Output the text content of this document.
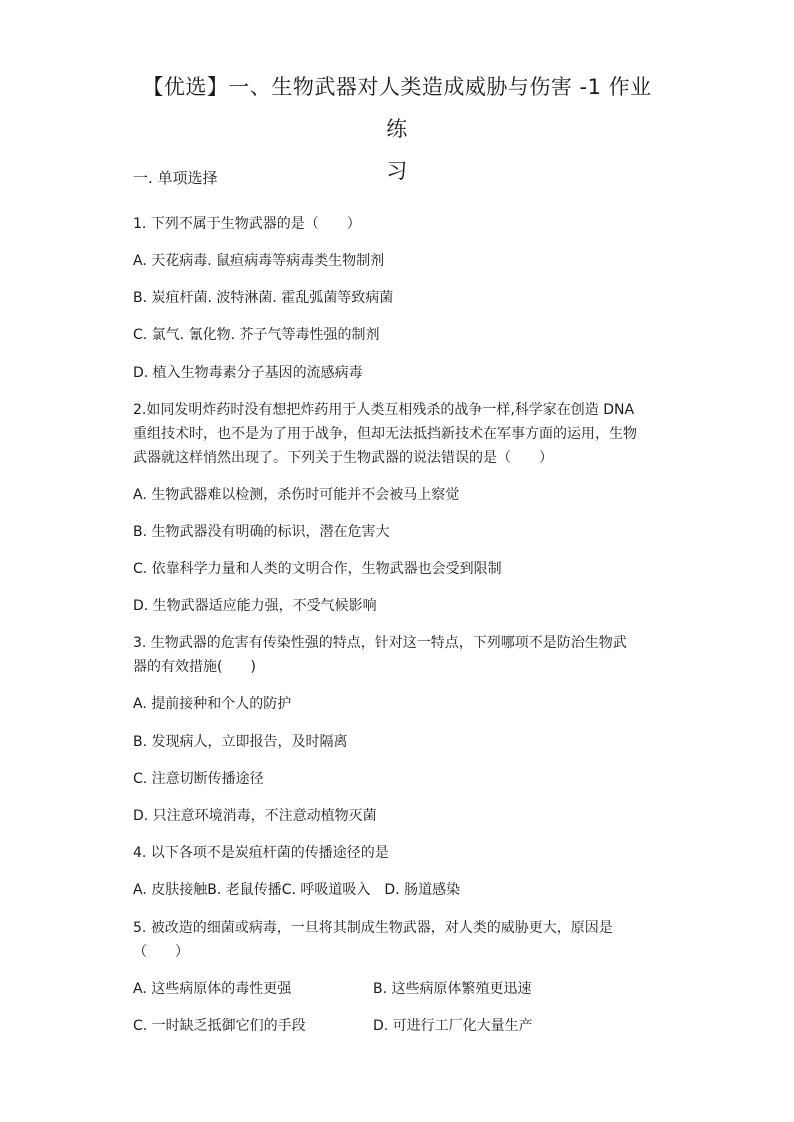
【优选】一、生物武器对人类造成威胁与伤害 -1 作业练
习
一. 单项选择
1. 下列不属于生物武器的是（　　）
A. 天花病毒. 鼠疸病毒等病毒类生物制剂
B. 炭疽杆菌. 波特淋菌. 霍乱弧菌等致病菌
C. 氯气. 氰化物. 芥子气等毒性强的制剂
D. 植入生物毒素分子基因的流感病毒
2.如同发明炸药时没有想把炸药用于人类互相残杀的战争一样,科学家在创造 DNA
重组技术时，也不是为了用于战争，但却无法抵挡新技术在军事方面的运用，生物
武器就这样悄然出现了。下列关于生物武器的说法错误的是（　　）
A. 生物武器难以检测，杀伤时可能并不会被马上察觉
B. 生物武器没有明确的标识，潜在危害大
C. 依靠科学力量和人类的文明合作，生物武器也会受到限制
D. 生物武器适应能力强，不受气候影响
3. 生物武器的危害有传染性强的特点，针对这一特点，下列哪项不是防治生物武
器的有效措施(　　)
A. 提前接种和个人的防护
B. 发现病人，立即报告，及时隔离
C. 注意切断传播途径
D. 只注意环境消毒，不注意动植物灭菌
4. 以下各项不是炭疽杆菌的传播途径的是
A. 皮肤接触B. 老鼠传播C. 呼吸道吸入　D. 肠道感染
5. 被改造的细菌或病毒，一旦将其制成生物武器，对人类的威胁更大，原因是
（　　）
A. 这些病原体的毒性更强	B. 这些病原体繁殖更迅速
C. 一时缺乏抵御它们的手段	D. 可进行工厂化大量生产
